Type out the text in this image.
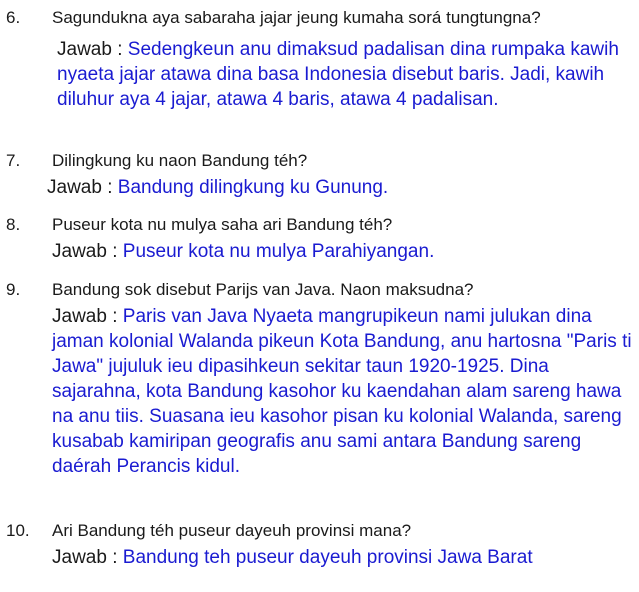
6. Sagundukna aya sabaraha jajar jeung kumaha sorá tungtungna?
Jawab : Sedengkeun anu dimaksud padalisan dina rumpaka kawih nyaeta jajar atawa dina basa Indonesia disebut baris. Jadi, kawih diluhur aya 4 jajar, atawa 4 baris, atawa 4 padalisan.
7. Dilingkung ku naon Bandung téh?
Jawab : Bandung dilingkung ku Gunung.
8. Puseur kota nu mulya saha ari Bandung téh?
Jawab : Puseur kota nu mulya Parahiyangan.
9. Bandung sok disebut Parijs van Java. Naon maksudna?
Jawab : Paris van Java Nyaeta mangrupikeun nami julukan dina jaman kolonial Walanda pikeun Kota Bandung, anu hartosna "Paris ti Jawa" jujuluk ieu dipasihkeun sekitar taun 1920-1925. Dina sajarahna, kota Bandung kasohor ku kaendahan alam sareng hawa na anu tiis. Suasana ieu kasohor pisan ku kolonial Walanda, sareng kusabab kamiripan geografis anu sami antara Bandung sareng daérah Perancis kidul.
10. Ari Bandung téh puseur dayeuh provinsi mana?
Jawab : Bandung teh puseur dayeuh provinsi Jawa Barat
